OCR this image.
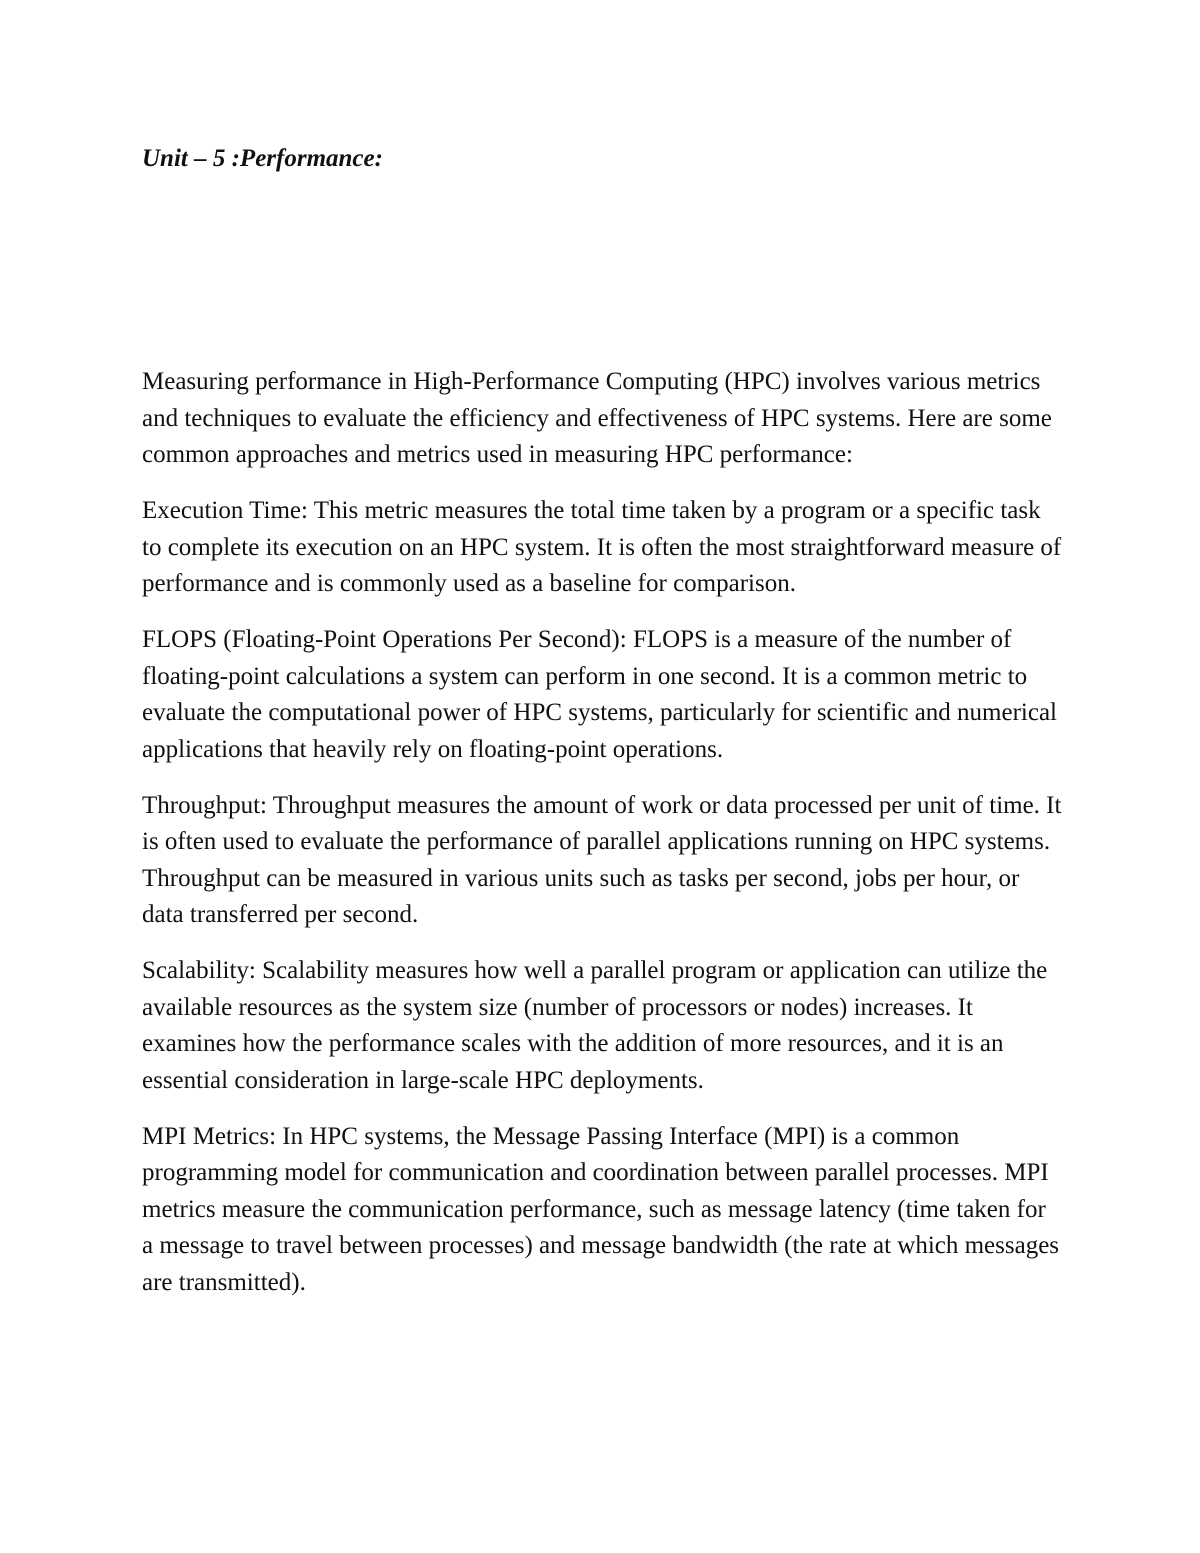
Unit – 5 :Performance:

Measuring performance in High-Performance Computing (HPC) involves various metrics and techniques to evaluate the efficiency and effectiveness of HPC systems. Here are some common approaches and metrics used in measuring HPC performance:

Execution Time: This metric measures the total time taken by a program or a specific task to complete its execution on an HPC system. It is often the most straightforward measure of performance and is commonly used as a baseline for comparison.

FLOPS (Floating-Point Operations Per Second): FLOPS is a measure of the number of floating-point calculations a system can perform in one second. It is a common metric to evaluate the computational power of HPC systems, particularly for scientific and numerical applications that heavily rely on floating-point operations.

Throughput: Throughput measures the amount of work or data processed per unit of time. It is often used to evaluate the performance of parallel applications running on HPC systems. Throughput can be measured in various units such as tasks per second, jobs per hour, or data transferred per second.

Scalability: Scalability measures how well a parallel program or application can utilize the available resources as the system size (number of processors or nodes) increases. It examines how the performance scales with the addition of more resources, and it is an essential consideration in large-scale HPC deployments.

MPI Metrics: In HPC systems, the Message Passing Interface (MPI) is a common programming model for communication and coordination between parallel processes. MPI metrics measure the communication performance, such as message latency (time taken for a message to travel between processes) and message bandwidth (the rate at which messages are transmitted).
